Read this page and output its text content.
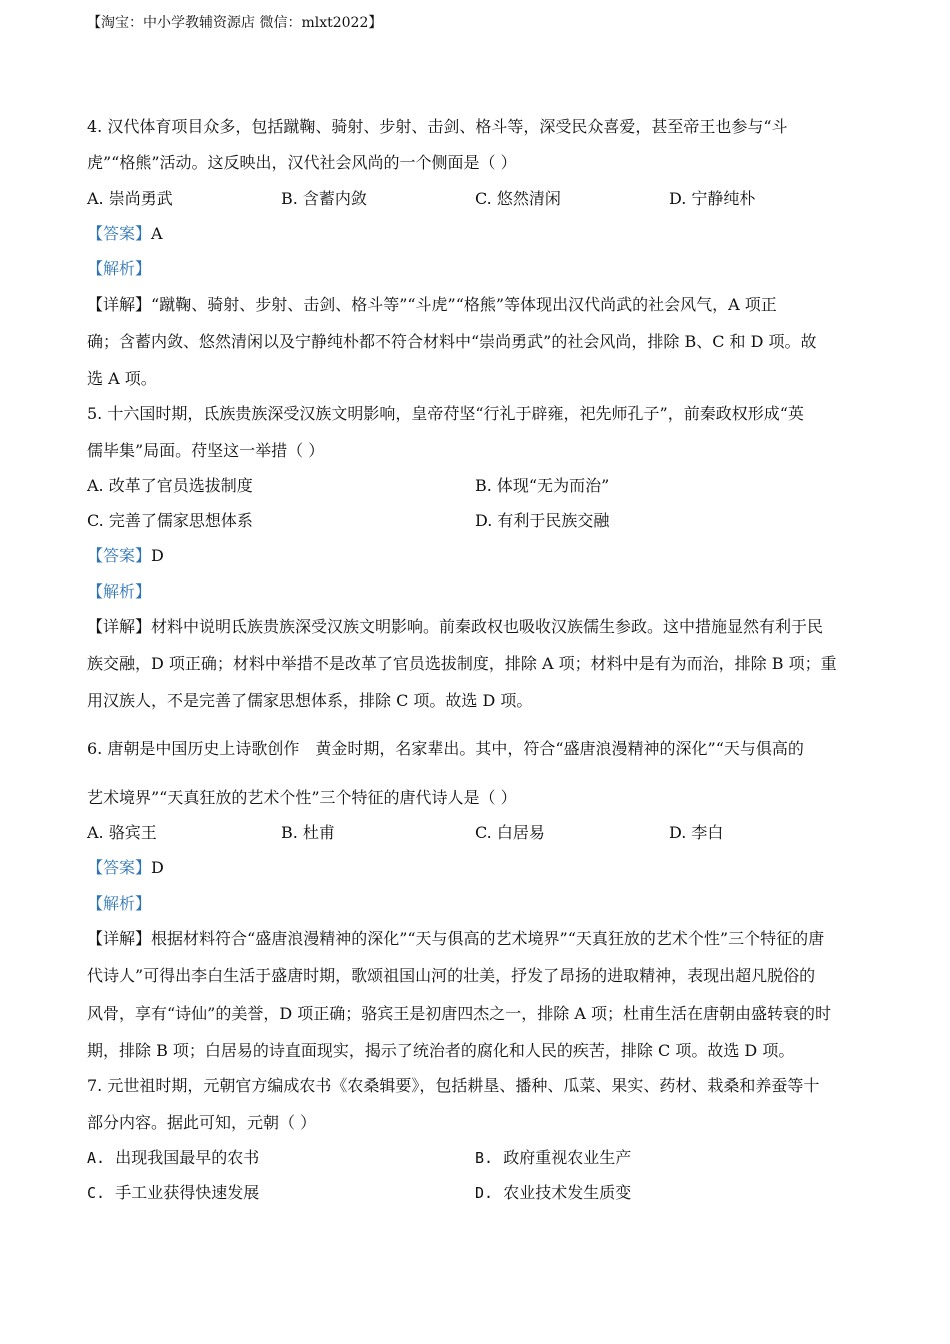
【淘宝：中小学教辅资源店 微信：mlxt2022】
4. 汉代体育项目众多，包括蹴鞠、骑射、步射、击剑、格斗等，深受民众喜爱，甚至帝王也参与“斗
虎”“格熊”活动。这反映出，汉代社会风尚的一个侧面是（ ）
A. 崇尚勇武	B. 含蓄内敛	C. 悠然清闲	D. 宁静纯朴
【答案】A
【解析】
【详解】“蹴鞠、骑射、步射、击剑、格斗等”“斗虎”“格熊”等体现出汉代尚武的社会风气，A 项正
确；含蓄内敛、悠然清闲以及宁静纯朴都不符合材料中“崇尚勇武”的社会风尚，排除 B、C 和 D 项。故
选 A 项。
5. 十六国时期，氐族贵族深受汉族文明影响，皇帝苻坚“行礼于辟雍，祀先师孔子”，前秦政权形成“英
儒毕集”局面。苻坚这一举措（ ）
A. 改革了官员选拔制度	B. 体现“无为而治”
C. 完善了儒家思想体系	D. 有利于民族交融
【答案】D
【解析】
【详解】材料中说明氐族贵族深受汉族文明影响。前秦政权也吸收汉族儒生参政。这中措施显然有利于民
族交融，D 项正确；材料中举措不是改革了官员选拔制度，排除 A 项；材料中是有为而治，排除 B 项；重
用汉族人，不是完善了儒家思想体系，排除 C 项。故选 D 项。
6. 唐朝是中国历史上诗歌创作　黄金时期，名家辈出。其中，符合“盛唐浪漫精神的深化”“天与俱高的
艺术境界”“天真狂放的艺术个性”三个特征的唐代诗人是（ ）
A. 骆宾王	B. 杜甫	C. 白居易	D. 李白
【答案】D
【解析】
【详解】根据材料符合“盛唐浪漫精神的深化”“天与俱高的艺术境界”“天真狂放的艺术个性”三个特征的唐
代诗人”可得出李白生活于盛唐时期，歌颂祖国山河的壮美，抒发了昂扬的进取精神，表现出超凡脱俗的
风骨，享有“诗仙”的美誉，D 项正确；骆宾王是初唐四杰之一，排除 A 项；杜甫生活在唐朝由盛转衰的时
期，排除 B 项；白居易的诗直面现实，揭示了统治者的腐化和人民的疾苦，排除 C 项。故选 D 项。
7. 元世祖时期，元朝官方编成农书《农桑辑要》，包括耕垦、播种、瓜菜、果实、药材、栽桑和养蚕等十
部分内容。据此可知，元朝（ ）
A. 出现我国最早的农书	B. 政府重视农业生产
C. 手工业获得快速发展	D. 农业技术发生质变
